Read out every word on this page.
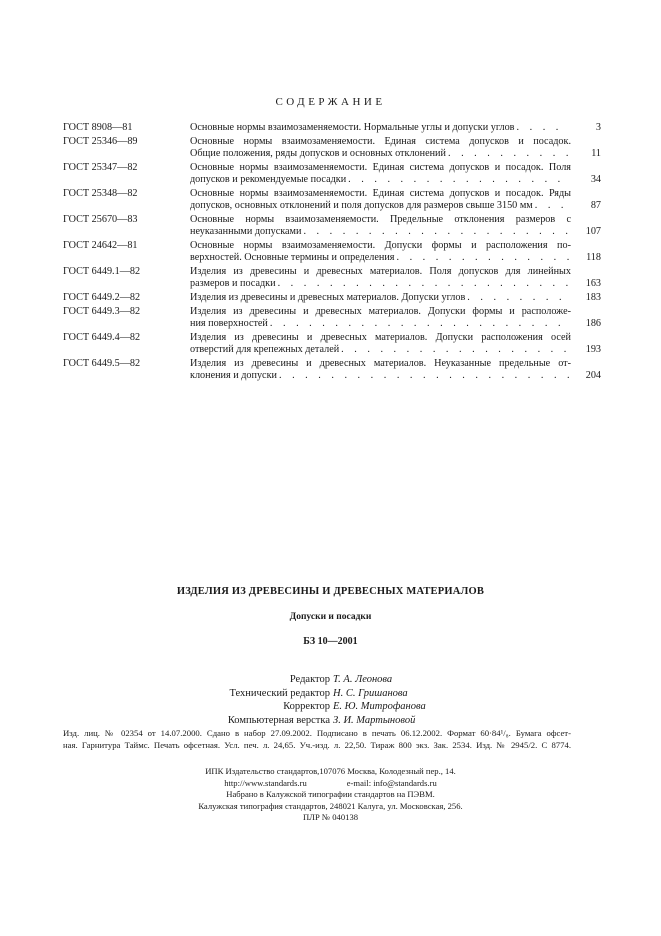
СОДЕРЖАНИЕ
ГОСТ 8908—81	Основные нормы взаимозаменяемости. Нормальные углы и допуски углов . . .	3
ГОСТ 25346—89	Основные нормы взаимозаменяемости. Единая система допусков и посадок.
Общие положения, ряды допусков и основных отклонений . . .	11
ГОСТ 25347—82	Основные нормы взаимозаменяемости. Единая система допусков и посадок. Поля
допусков и рекомендуемые посадки . . .	34
ГОСТ 25348—82	Основные нормы взаимозаменяемости. Единая система допусков и посадок. Ряды
допусков, основных отклонений и поля допусков для размеров свыше 3150 мм . . .	87
ГОСТ 25670—83	Основные нормы взаимозаменяемости. Предельные отклонения размеров с
неуказанными допусками . . .	107
ГОСТ 24642—81	Основные нормы взаимозаменяемости. Допуски формы и расположения по-
верхностей. Основные термины и определения . . .	118
ГОСТ 6449.1—82	Изделия из древесины и древесных материалов. Поля допусков для линейных
размеров и посадки . . .	163
ГОСТ 6449.2—82	Изделия из древесины и древесных материалов. Допуски углов . . .	183
ГОСТ 6449.3—82	Изделия из древесины и древесных материалов. Допуски формы и расположе-
ния поверхностей . . .	186
ГОСТ 6449.4—82	Изделия из древесины и древесных материалов. Допуски расположения осей
отверстий для крепежных деталей . . .	193
ГОСТ 6449.5—82	Изделия из древесины и древесных материалов. Неуказанные предельные от-
клонения и допуски . . .	204
ИЗДЕЛИЯ ИЗ ДРЕВЕСИНЫ И ДРЕВЕСНЫХ МАТЕРИАЛОВ
Допуски и посадки
БЗ 10—2001
Редактор Т. А. Леонова
Технический редактор Н. С. Гришанова
Корректор Е. Ю. Митрофанова
Компьютерная верстка З. И. Мартыновой
Изд. лиц. № 02354 от 14.07.2000. Сдано в набор 27.09.2002. Подписано в печать 06.12.2002. Формат 60·84¹/₈. Бумага офсет-
ная. Гарнитура Таймс. Печать офсетная. Усл. печ. л. 24,65. Уч.-изд. л. 22,50. Тираж 800 экз. Зак. 2534. Изд. № 2945/2. С 8774.
ИПК Издательство стандартов,107076 Москва, Колодезный пер., 14.
http://www.standards.ru	e-mail: info@standards.ru
Набрано в Калужской типографии стандартов на ПЭВМ.
Калужская типография стандартов, 248021 Калуга, ул. Московская, 256.
ПЛР № 040138
